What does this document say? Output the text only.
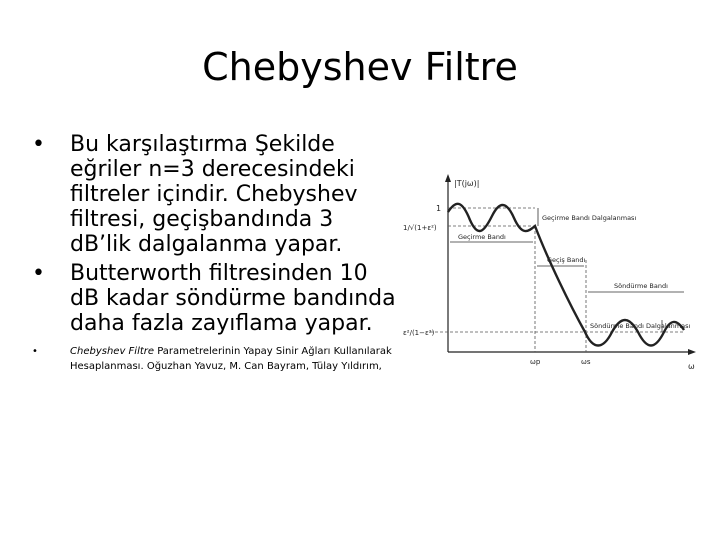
Chebyshev Filtre
• Bu karşılaştırma Şekilde eğriler n=3 derecesindeki filtreler içindir. Chebyshev filtresi, geçişbandında 3 dB’lik dalgalanma yapar.
• Butterworth filtresinden 10 dB kadar söndürme bandında daha fazla zayıflama yapar.
•	Chebyshev Filtre Parametrelerinin Yapay Sinir Ağları Kullanılarak Hesaplanması. Oğuzhan Yavuz, M. Can Bayram, Tülay Yıldırım,
|T(jω)|
1
1/√(1+ε²)
ε²/(1−ε²)
ωp	ωs	ω
Geçirme Bandı Dalgalanması
Geçirme Bandı
Geçiş Bandı
Söndürme Bandı
Söndürme Bandı Dalgalanması
